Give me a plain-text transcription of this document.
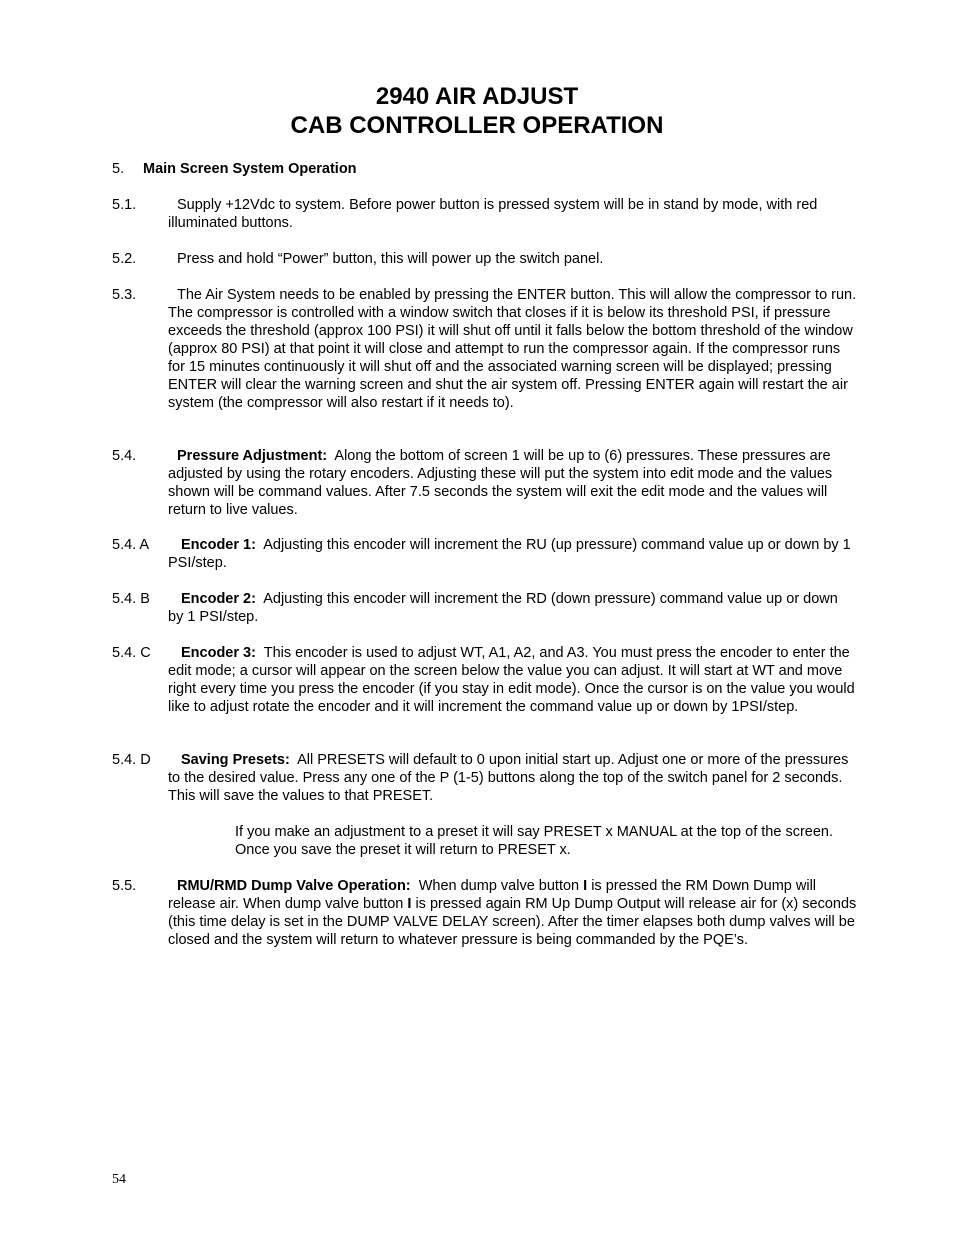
2940 AIR ADJUST
CAB CONTROLLER OPERATION

5. Main Screen System Operation

5.1.	Supply +12Vdc to system. Before power button is pressed system will be in stand by mode, with red illuminated buttons.
5.2.	Press and hold “Power” button, this will power up the switch panel.
5.3.	The Air System needs to be enabled by pressing the ENTER button. This will allow the compressor to run. The compressor is controlled with a window switch that closes if it is below its threshold PSI, if pressure exceeds the threshold (approx 100 PSI) it will shut off until it falls below the bottom threshold of the window (approx 80 PSI) at that point it will close and attempt to run the compressor again. If the compressor runs for 15 minutes continuously it will shut off and the associated warning screen will be displayed; pressing ENTER will clear the warning screen and shut the air system off. Pressing ENTER again will restart the air system (the compressor will also restart if it needs to).
5.4.	Pressure Adjustment: Along the bottom of screen 1 will be up to (6) pressures. These pressures are adjusted by using the rotary encoders. Adjusting these will put the system into edit mode and the values shown will be command values. After 7.5 seconds the system will exit the edit mode and the values will return to live values.
5.4. A	Encoder 1: Adjusting this encoder will increment the RU (up pressure) command value up or down by 1 PSI/step.
5.4. B	Encoder 2: Adjusting this encoder will increment the RD (down pressure) command value up or down by 1 PSI/step.
5.4. C	Encoder 3: This encoder is used to adjust WT, A1, A2, and A3. You must press the encoder to enter the edit mode; a cursor will appear on the screen below the value you can adjust. It will start at WT and move right every time you press the encoder (if you stay in edit mode). Once the cursor is on the value you would like to adjust rotate the encoder and it will increment the command value up or down by 1PSI/step.
5.4. D	Saving Presets: All PRESETS will default to 0 upon initial start up. Adjust one or more of the pressures to the desired value. Press any one of the P (1-5) buttons along the top of the switch panel for 2 seconds. This will save the values to that PRESET.

If you make an adjustment to a preset it will say PRESET x MANUAL at the top of the screen. Once you save the preset it will return to PRESET x.

5.5.	RMU/RMD Dump Valve Operation: When dump valve button I is pressed the RM Down Dump will release air. When dump valve button I is pressed again RM Up Dump Output will release air for (x) seconds (this time delay is set in the DUMP VALVE DELAY screen). After the timer elapses both dump valves will be closed and the system will return to whatever pressure is being commanded by the PQE’s.
54
